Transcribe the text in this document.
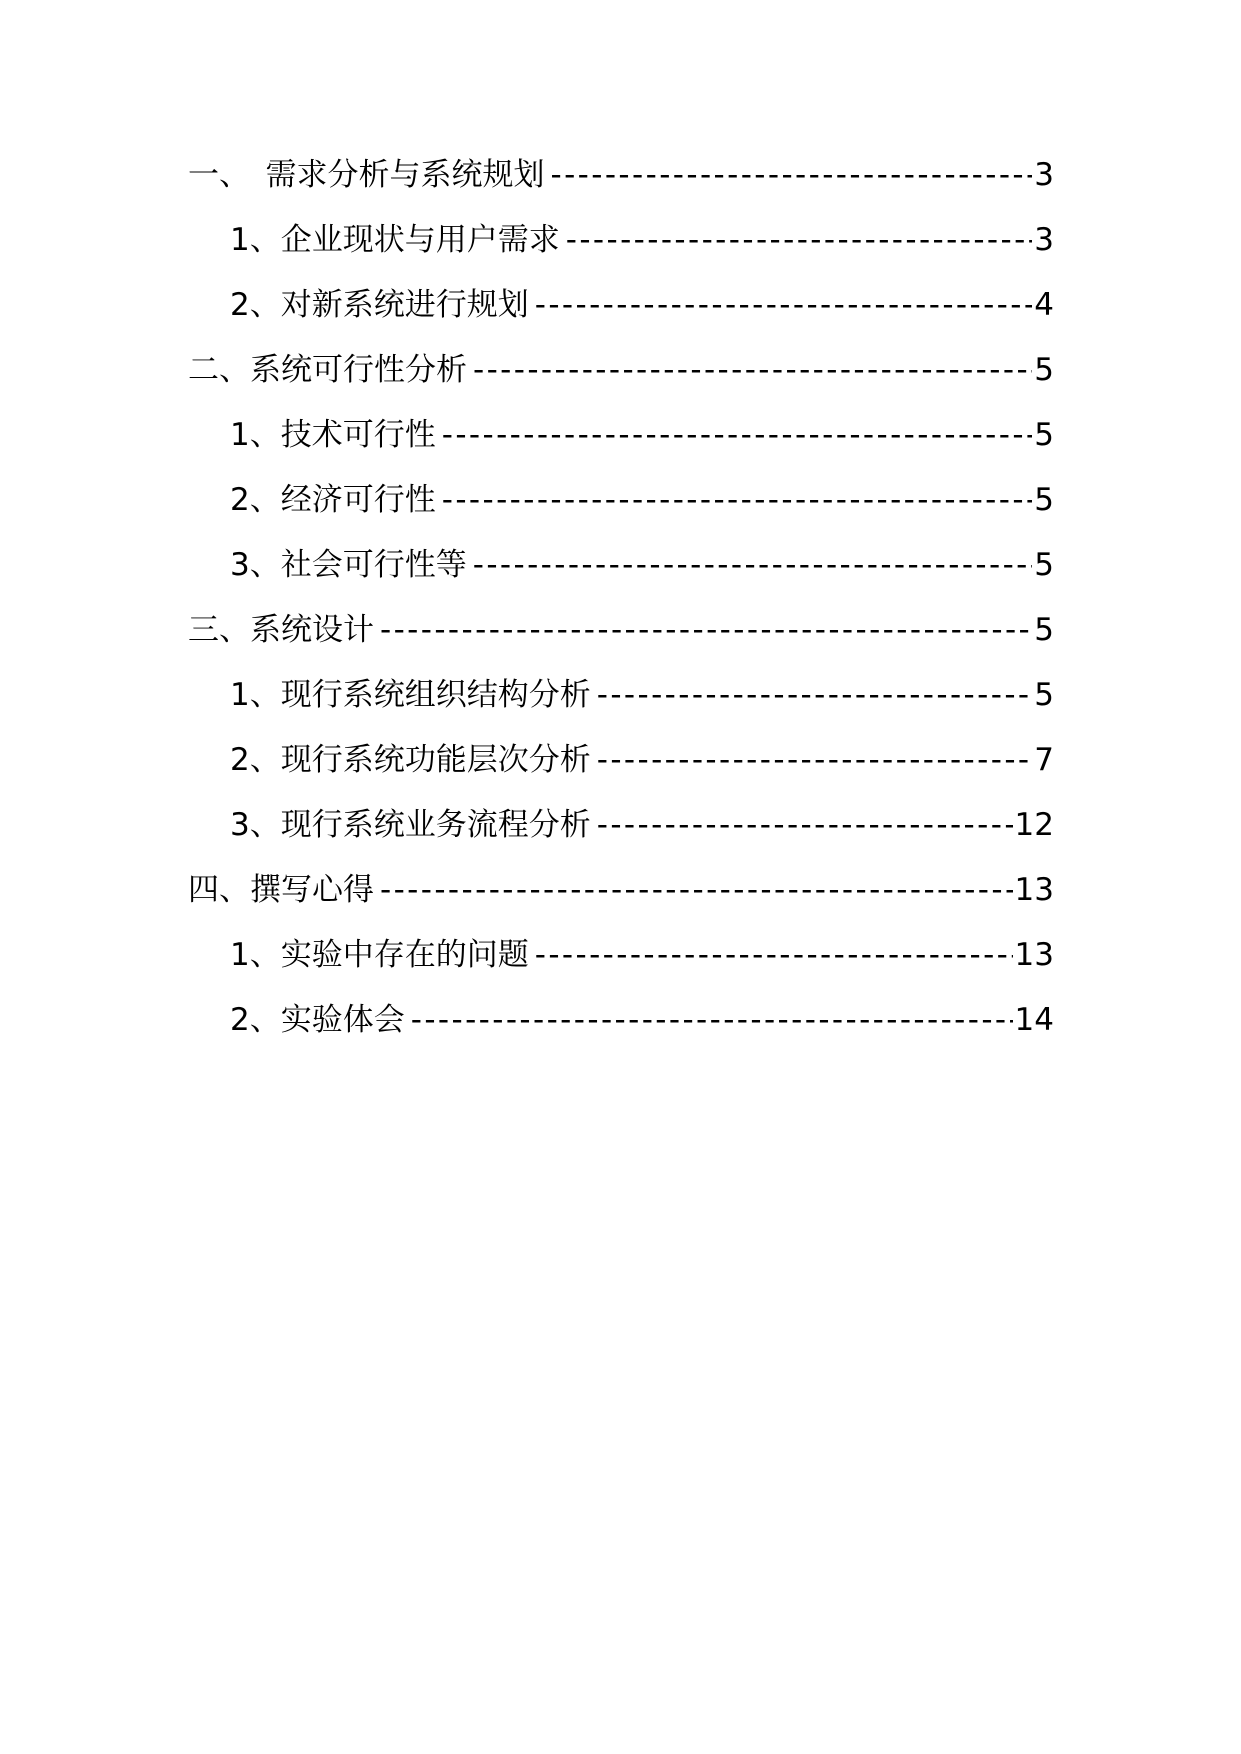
一、　需求分析与系统规划 -----	3
1、企业现状与用户需求 -----	3
2、对新系统进行规划 -----	4
二、系统可行性分析 -----	5
1、技术可行性 -----	5
2、经济可行性 -----	5
3、社会可行性等 -----	5
三、系统设计 -----	5
1、现行系统组织结构分析 -----	5
2、现行系统功能层次分析 -----	7
3、现行系统业务流程分析 -----	12
四、撰写心得 -----	13
1、实验中存在的问题 -----	13
2、实验体会 -----	14
